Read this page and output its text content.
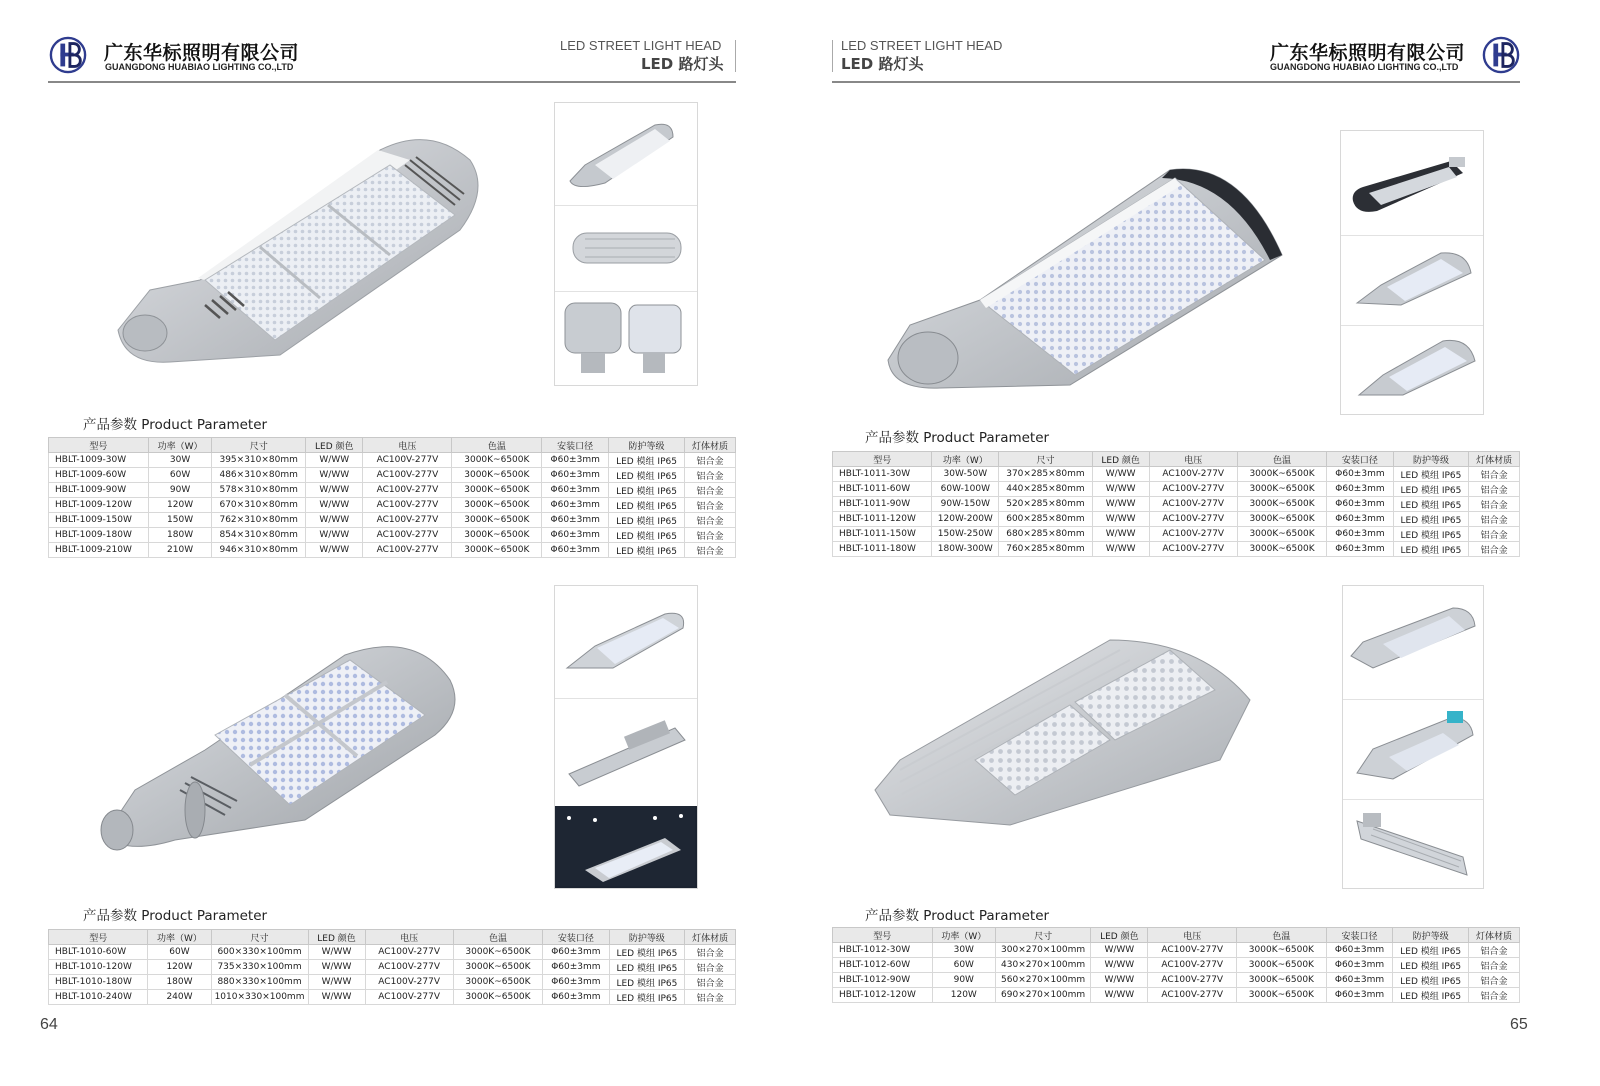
广东华标照明有限公司
GUANGDONG HUABIAO LIGHTING CO.,LTD
LED STREET LIGHT HEAD
LED 路灯头
产品参数 Product Parameter
型号	功率（W）	尺寸	LED 颜色	电压	色温	安装口径	防护等级	灯体材质
HBLT-1009-30W	30W	395×310×80mm	W/WW	AC100V-277V	3000K~6500K	Φ60±3mm	LED 模组 IP65	铝合金
HBLT-1009-60W	60W	486×310×80mm	W/WW	AC100V-277V	3000K~6500K	Φ60±3mm	LED 模组 IP65	铝合金
HBLT-1009-90W	90W	578×310×80mm	W/WW	AC100V-277V	3000K~6500K	Φ60±3mm	LED 模组 IP65	铝合金
HBLT-1009-120W	120W	670×310×80mm	W/WW	AC100V-277V	3000K~6500K	Φ60±3mm	LED 模组 IP65	铝合金
HBLT-1009-150W	150W	762×310×80mm	W/WW	AC100V-277V	3000K~6500K	Φ60±3mm	LED 模组 IP65	铝合金
HBLT-1009-180W	180W	854×310×80mm	W/WW	AC100V-277V	3000K~6500K	Φ60±3mm	LED 模组 IP65	铝合金
HBLT-1009-210W	210W	946×310×80mm	W/WW	AC100V-277V	3000K~6500K	Φ60±3mm	LED 模组 IP65	铝合金
产品参数 Product Parameter
型号	功率（W）	尺寸	LED 颜色	电压	色温	安装口径	防护等级	灯体材质
HBLT-1010-60W	60W	600×330×100mm	W/WW	AC100V-277V	3000K~6500K	Φ60±3mm	LED 模组 IP65	铝合金
HBLT-1010-120W	120W	735×330×100mm	W/WW	AC100V-277V	3000K~6500K	Φ60±3mm	LED 模组 IP65	铝合金
HBLT-1010-180W	180W	880×330×100mm	W/WW	AC100V-277V	3000K~6500K	Φ60±3mm	LED 模组 IP65	铝合金
HBLT-1010-240W	240W	1010×330×100mm	W/WW	AC100V-277V	3000K~6500K	Φ60±3mm	LED 模组 IP65	铝合金
64
LED STREET LIGHT HEAD
LED 路灯头	广东华标照明有限公司
GUANGDONG HUABIAO LIGHTING CO.,LTD
产品参数 Product Parameter
型号	功率（W）	尺寸	LED 颜色	电压	色温	安装口径	防护等级	灯体材质
HBLT-1011-30W	30W-50W	370×285×80mm	W/WW	AC100V-277V	3000K~6500K	Φ60±3mm	LED 模组 IP65	铝合金
HBLT-1011-60W	60W-100W	440×285×80mm	W/WW	AC100V-277V	3000K~6500K	Φ60±3mm	LED 模组 IP65	铝合金
HBLT-1011-90W	90W-150W	520×285×80mm	W/WW	AC100V-277V	3000K~6500K	Φ60±3mm	LED 模组 IP65	铝合金
HBLT-1011-120W	120W-200W	600×285×80mm	W/WW	AC100V-277V	3000K~6500K	Φ60±3mm	LED 模组 IP65	铝合金
HBLT-1011-150W	150W-250W	680×285×80mm	W/WW	AC100V-277V	3000K~6500K	Φ60±3mm	LED 模组 IP65	铝合金
HBLT-1011-180W	180W-300W	760×285×80mm	W/WW	AC100V-277V	3000K~6500K	Φ60±3mm	LED 模组 IP65	铝合金
产品参数 Product Parameter
型号	功率（W）	尺寸	LED 颜色	电压	色温	安装口径	防护等级	灯体材质
HBLT-1012-30W	30W	300×270×100mm	W/WW	AC100V-277V	3000K~6500K	Φ60±3mm	LED 模组 IP65	铝合金
HBLT-1012-60W	60W	430×270×100mm	W/WW	AC100V-277V	3000K~6500K	Φ60±3mm	LED 模组 IP65	铝合金
HBLT-1012-90W	90W	560×270×100mm	W/WW	AC100V-277V	3000K~6500K	Φ60±3mm	LED 模组 IP65	铝合金
HBLT-1012-120W	120W	690×270×100mm	W/WW	AC100V-277V	3000K~6500K	Φ60±3mm	LED 模组 IP65	铝合金
65
